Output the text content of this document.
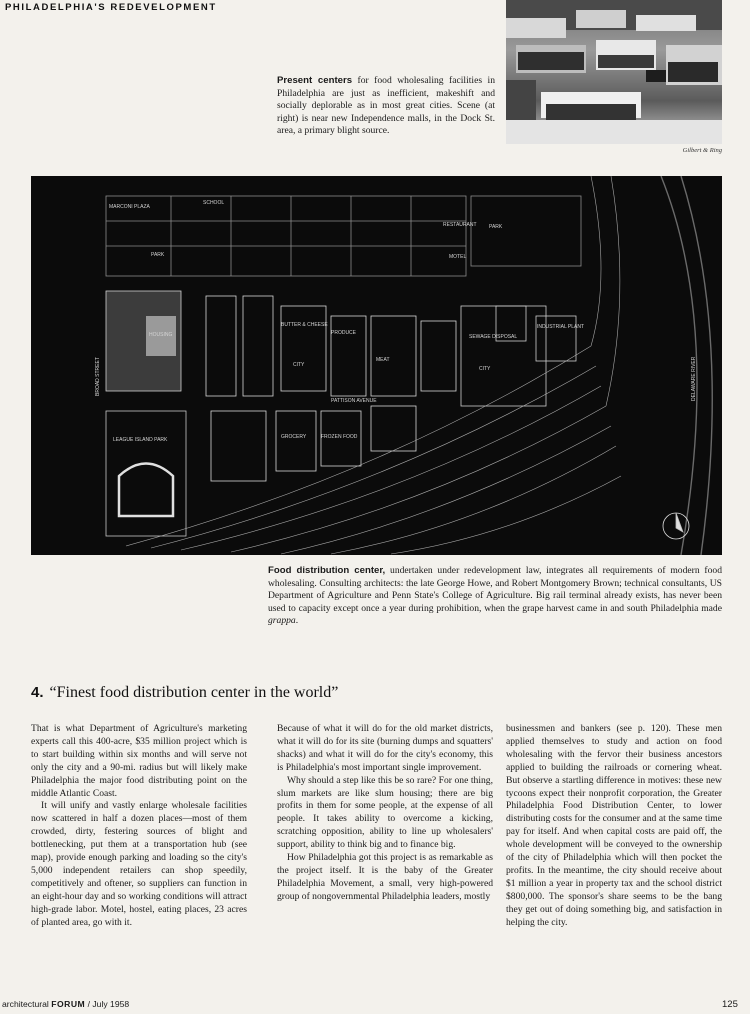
PHILADELPHIA'S REDEVELOPMENT
Gilbert & Ring
Present centers for food wholesaling facilities in Philadelphia are just as inefficient, makeshift and socially deplorable as in most great cities. Scene (at right) is near new Independence malls, in the Dock St. area, a primary blight source.
MARCONI PLAZA
SCHOOL
PARK
RESTAURANT
MOTEL
PARK
HOUSING
CITY
CITY
SEWAGE DISPOSAL
INDUSTRIAL PLANT
LEAGUE ISLAND PARK
PATTISON AVENUE
PRODUCE
MEAT
BUTTER & CHEESE
GROCERY	FROZEN FOOD
BROAD STREET	DELAWARE RIVER
Food distribution center, undertaken under redevelopment law, integrates all requirements of modern food wholesaling. Consulting architects: the late George Howe, and Robert Montgomery Brown; technical consultants, US Department of Agriculture and Penn State's College of Agriculture. Big rail terminal already exists, has never been used to capacity except once a year during prohibition, when the grape harvest came in and south Philadelphia made grappa.
4. “Finest food distribution center in the world”

That is what Department of Agriculture's marketing experts call this 400-acre, $35 million project which is to start building within six months and will serve not only the city and a 90-mi. radius but will likely make Philadelphia the major food distributing point on the middle Atlantic Coast.

It will unify and vastly enlarge wholesale facilities now scattered in half a dozen places—most of them crowded, dirty, festering sources of blight and bottlenecking, put them at a transportation hub (see map), provide enough parking and loading so the city's 5,000 independent retailers can shop speedily, competitively and oftener, so suppliers can function in an eight-hour day and so working conditions will attract high-grade labor. Motel, hostel, eating places, 23 acres of planted area, go with it.

Because of what it will do for the old market districts, what it will do for its site (burning dumps and squatters' shacks) and what it will do for the city's economy, this is Philadelphia's most important single improvement.

Why should a step like this be so rare? For one thing, slum markets are like slum housing; there are big profits in them for some people, at the expense of all people. It takes ability to overcome a kicking, scratching opposition, ability to line up wholesalers' support, ability to think big and to finance big.

How Philadelphia got this project is as remarkable as the project itself. It is the baby of the Greater Philadelphia Movement, a small, very high-powered group of nongovernmental Philadelphia leaders, mostly

businessmen and bankers (see p. 120). These men applied themselves to study and action on food wholesaling with the fervor their business ancestors applied to building the railroads or cornering wheat. But observe a startling difference in motives: these new tycoons expect their nonprofit corporation, the Greater Philadelphia Food Distribution Center, to lower distributing costs for the consumer and at the same time pay for itself. And when capital costs are paid off, the whole development will be conveyed to the ownership of the city of Philadelphia which will then pocket the profits. In the meantime, the city should receive about $1 million a year in property tax and the school district $800,000. The sponsor's share seems to be the bang they get out of doing something big, and satisfaction in helping the city.

architectural FORUM / July 1958	125
